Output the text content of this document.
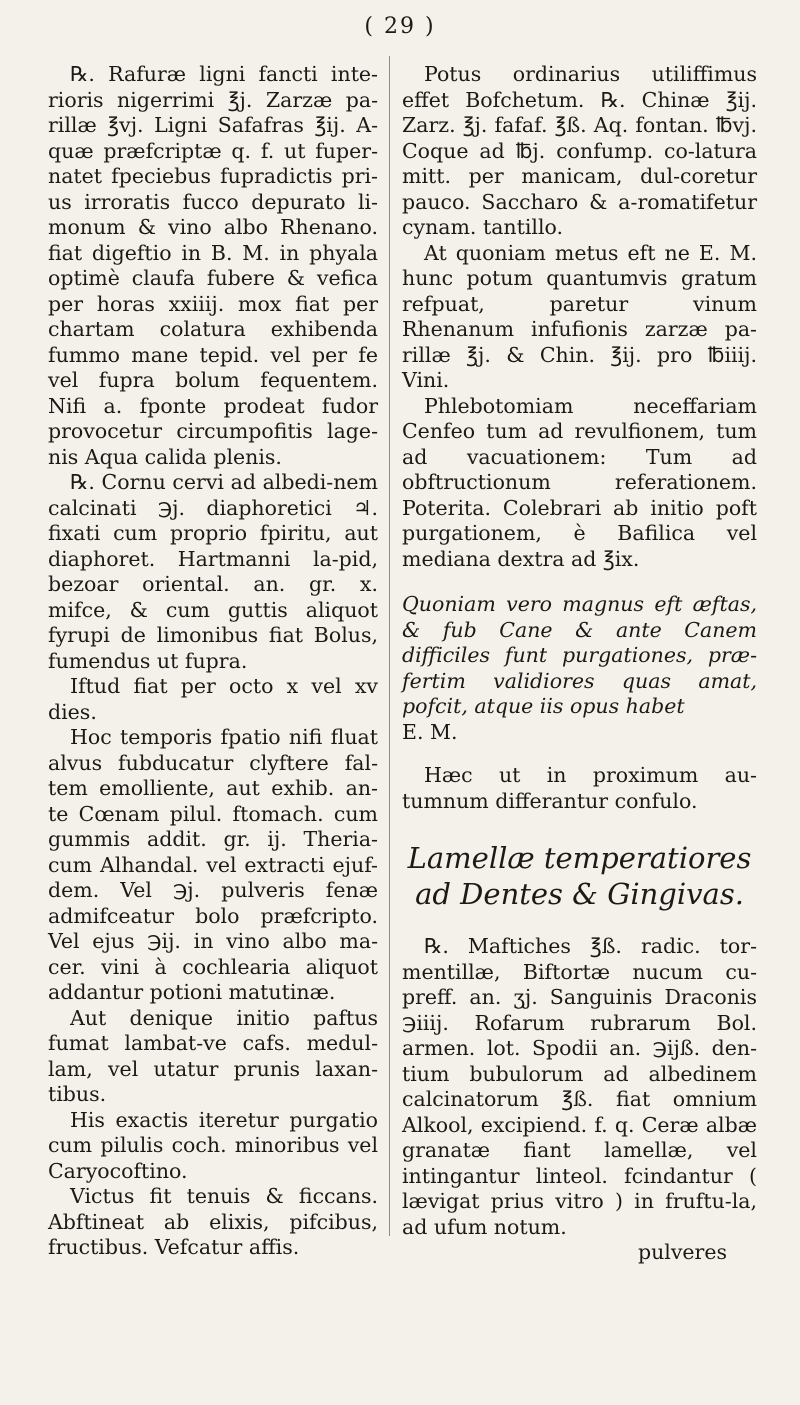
( 29 )

℞. Rafuræ ligni fancti inte-rioris nigerrimi ℥j. Zarzæ pa-rillæ ℥vj. Ligni Safafras ℥ij. A-quæ præfcriptæ q. f. ut fuper-natet fpeciebus fupradictis pri-us irroratis fucco depurato li-monum & vino albo Rhenano. fiat digeftio in B. M. in phyala optimè claufa fubere & vefica per horas xxiiij. mox fiat per chartam colatura exhibenda fummo mane tepid. vel per fe vel fupra bolum fequentem. Nifi a. fponte prodeat fudor provocetur circumpofitis lage-nis Aqua calida plenis.

℞. Cornu cervi ad albedi-nem calcinati ℈j. diaphoretici ♃. fixati cum proprio fpiritu, aut diaphoret. Hartmanni la-pid, bezoar oriental. an. gr. x. mifce, & cum guttis aliquot fyrupi de limonibus fiat Bolus, fumendus ut fupra.

Iftud fiat per octo x vel xv dies.

Hoc temporis fpatio nifi fluat alvus fubducatur clyftere fal-tem emolliente, aut exhib. an-te Cœnam pilul. ftomach. cum gummis addit. gr. ij. Theria-cum Alhandal. vel extracti ejuf-dem. Vel ℈j. pulveris fenæ admifceatur bolo præfcripto. Vel ejus ℈ij. in vino albo ma-cer. vini à cochlearia aliquot addantur potioni matutinæ.

Aut denique initio paftus fumat lambat-ve cafs. medul-lam, vel utatur prunis laxan-tibus.

His exactis iteretur purgatio cum pilulis coch. minoribus vel Caryocoftino.

Victus fit tenuis & ficcans. Abftineat ab elixis, pifcibus, fructibus. Vefcatur affis.

Potus ordinarius utiliffimus effet Bofchetum. ℞. Chinæ ℥ij. Zarz. ℥j. fafaf. ℥ß. Aq. fontan. ℔vj. Coque ad ℔j. confump. co-latura mitt. per manicam, dul-coretur pauco. Saccharo & a-romatifetur cynam. tantillo.

At quoniam metus eft ne E. M. hunc potum quantumvis gratum refpuat, paretur vinum Rhenanum infufionis zarzæ pa-rillæ ℥j. & Chin. ℥ij. pro ℔iiij. Vini.

Phlebotomiam neceffariam Cenfeo tum ad revulfionem, tum ad vacuationem: Tum ad obftructionum referationem. Poterita. Colebrari ab initio poft purgationem, è Bafilica vel mediana dextra ad ℥ix.

Quoniam vero magnus eft æftas, & fub Cane & ante Canem difficiles funt purgationes, præ-fertim validiores quas amat, pofcit, atque iis opus habet

E. M.

Hæc ut in proximum au-tumnum differantur confulo.

Lamellæ temperatiores ad Dentes & Gingivas.

℞. Maftiches ℥ß. radic. tor-mentillæ, Biftortæ nucum cu-preff. an. ʒj. Sanguinis Draconis ℈iiij. Rofarum rubrarum Bol. armen. lot. Spodii an. ℈ijß. den-tium bubulorum ad albedinem calcinatorum ℥ß. fiat omnium Alkool, excipiend. f. q. Ceræ albæ granatæ fiant lamellæ, vel intingantur linteol. fcindantur ( lævigat prius vitro ) in fruftu-la, ad ufum notum.

pulveres
